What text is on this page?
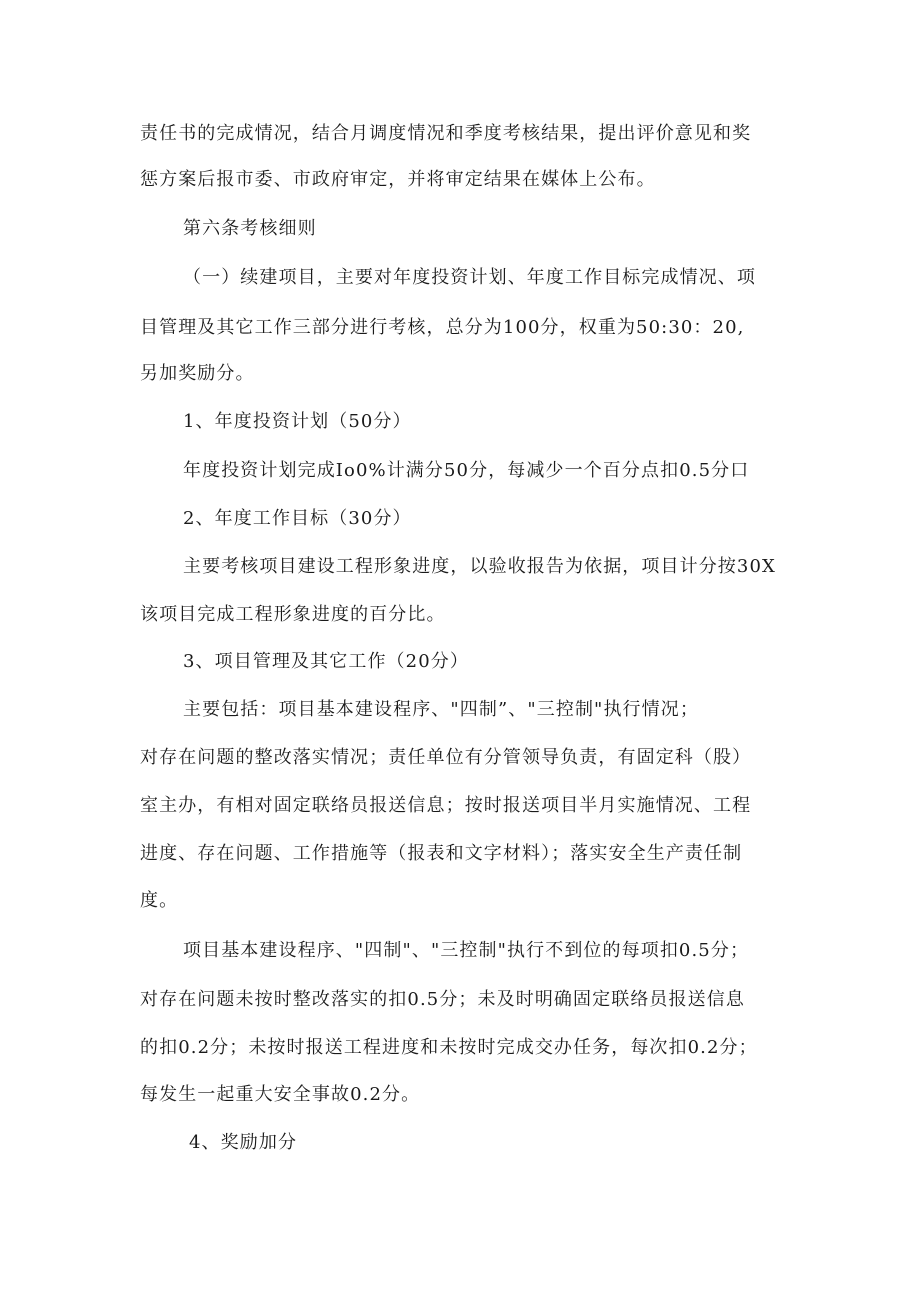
责任书的完成情况，结合月调度情况和季度考核结果，提出评价意见和奖
惩方案后报市委、市政府审定，并将审定结果在媒体上公布。
第六条考核细则
（一）续建项目，主要对年度投资计划、年度工作目标完成情况、项
目管理及其它工作三部分进行考核，总分为100分，权重为50:30：20,
另加奖励分。
1、年度投资计划（50分）
年度投资计划完成Io0%计满分50分，每减少一个百分点扣0.5分口
2、年度工作目标（30分）
主要考核项目建设工程形象进度，以验收报告为依据，项目计分按30X
该项目完成工程形象进度的百分比。
3、项目管理及其它工作（20分）
主要包括：项目基本建设程序、"四制”、"三控制"执行情况；
对存在问题的整改落实情况；责任单位有分管领导负责，有固定科（股）
室主办，有相对固定联络员报送信息；按时报送项目半月实施情况、工程
进度、存在问题、工作措施等（报表和文字材料）；落实安全生产责任制
度。
项目基本建设程序、"四制"、"三控制"执行不到位的每项扣0.5分；
对存在问题未按时整改落实的扣0.5分；未及时明确固定联络员报送信息
的扣0.2分；未按时报送工程进度和未按时完成交办任务，每次扣0.2分；
每发生一起重大安全事故0.2分。
4、奖励加分
